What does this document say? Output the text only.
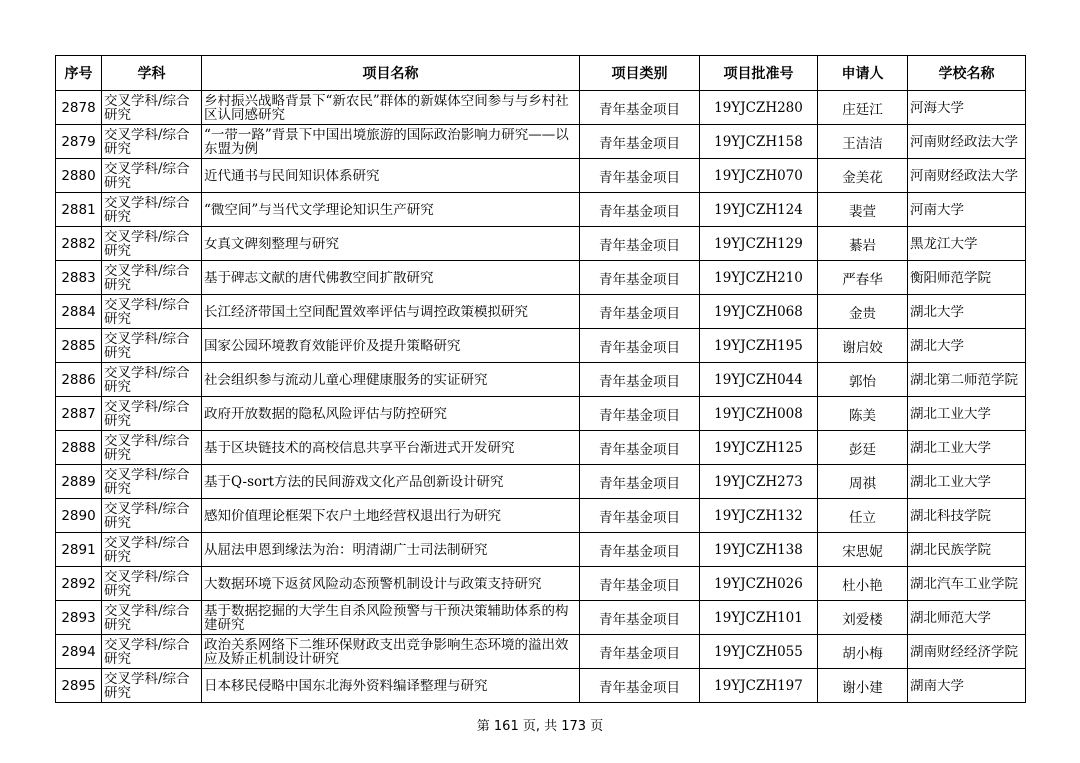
序号	学科	项目名称	项目类别	项目批准号	申请人	学校名称

2878	交叉学科/综合研究	乡村振兴战略背景下“新农民”群体的新媒体空间参与与乡村社区认同感研究	青年基金项目	19YJCZH280	庄廷江	河海大学

2879	交叉学科/综合研究	“一带一路”背景下中国出境旅游的国际政治影响力研究——以东盟为例	青年基金项目	19YJCZH158	王洁洁	河南财经政法大学

2880	交叉学科/综合研究	近代通书与民间知识体系研究	青年基金项目	19YJCZH070	金美花	河南财经政法大学

2881	交叉学科/综合研究	“微空间”与当代文学理论知识生产研究	青年基金项目	19YJCZH124	裴萱	河南大学

2882	交叉学科/综合研究	女真文碑刻整理与研究	青年基金项目	19YJCZH129	綦岩	黑龙江大学

2883	交叉学科/综合研究	基于碑志文献的唐代佛教空间扩散研究	青年基金项目	19YJCZH210	严春华	衡阳师范学院

2884	交叉学科/综合研究	长江经济带国土空间配置效率评估与调控政策模拟研究	青年基金项目	19YJCZH068	金贵	湖北大学

2885	交叉学科/综合研究	国家公园环境教育效能评价及提升策略研究	青年基金项目	19YJCZH195	谢启姣	湖北大学

2886	交叉学科/综合研究	社会组织参与流动儿童心理健康服务的实证研究	青年基金项目	19YJCZH044	郭怡	湖北第二师范学院

2887	交叉学科/综合研究	政府开放数据的隐私风险评估与防控研究	青年基金项目	19YJCZH008	陈美	湖北工业大学

2888	交叉学科/综合研究	基于区块链技术的高校信息共享平台渐进式开发研究	青年基金项目	19YJCZH125	彭廷	湖北工业大学

2889	交叉学科/综合研究	基于Q-sort方法的民间游戏文化产品创新设计研究	青年基金项目	19YJCZH273	周祺	湖北工业大学

2890	交叉学科/综合研究	感知价值理论框架下农户土地经营权退出行为研究	青年基金项目	19YJCZH132	任立	湖北科技学院

2891	交叉学科/综合研究	从屈法申恩到缘法为治：明清湖广士司法制研究	青年基金项目	19YJCZH138	宋思妮	湖北民族学院

2892	交叉学科/综合研究	大数据环境下返贫风险动态预警机制设计与政策支持研究	青年基金项目	19YJCZH026	杜小艳	湖北汽车工业学院

2893	交叉学科/综合研究	基于数据挖掘的大学生自杀风险预警与干预决策辅助体系的构建研究	青年基金项目	19YJCZH101	刘爱楼	湖北师范大学

2894	交叉学科/综合研究	政治关系网络下二维环保财政支出竞争影响生态环境的溢出效应及矫正机制设计研究	青年基金项目	19YJCZH055	胡小梅	湖南财经经济学院

2895	交叉学科/综合研究	日本移民侵略中国东北海外资料编译整理与研究	青年基金项目	19YJCZH197	谢小建	湖南大学
第 161 页, 共 173 页
